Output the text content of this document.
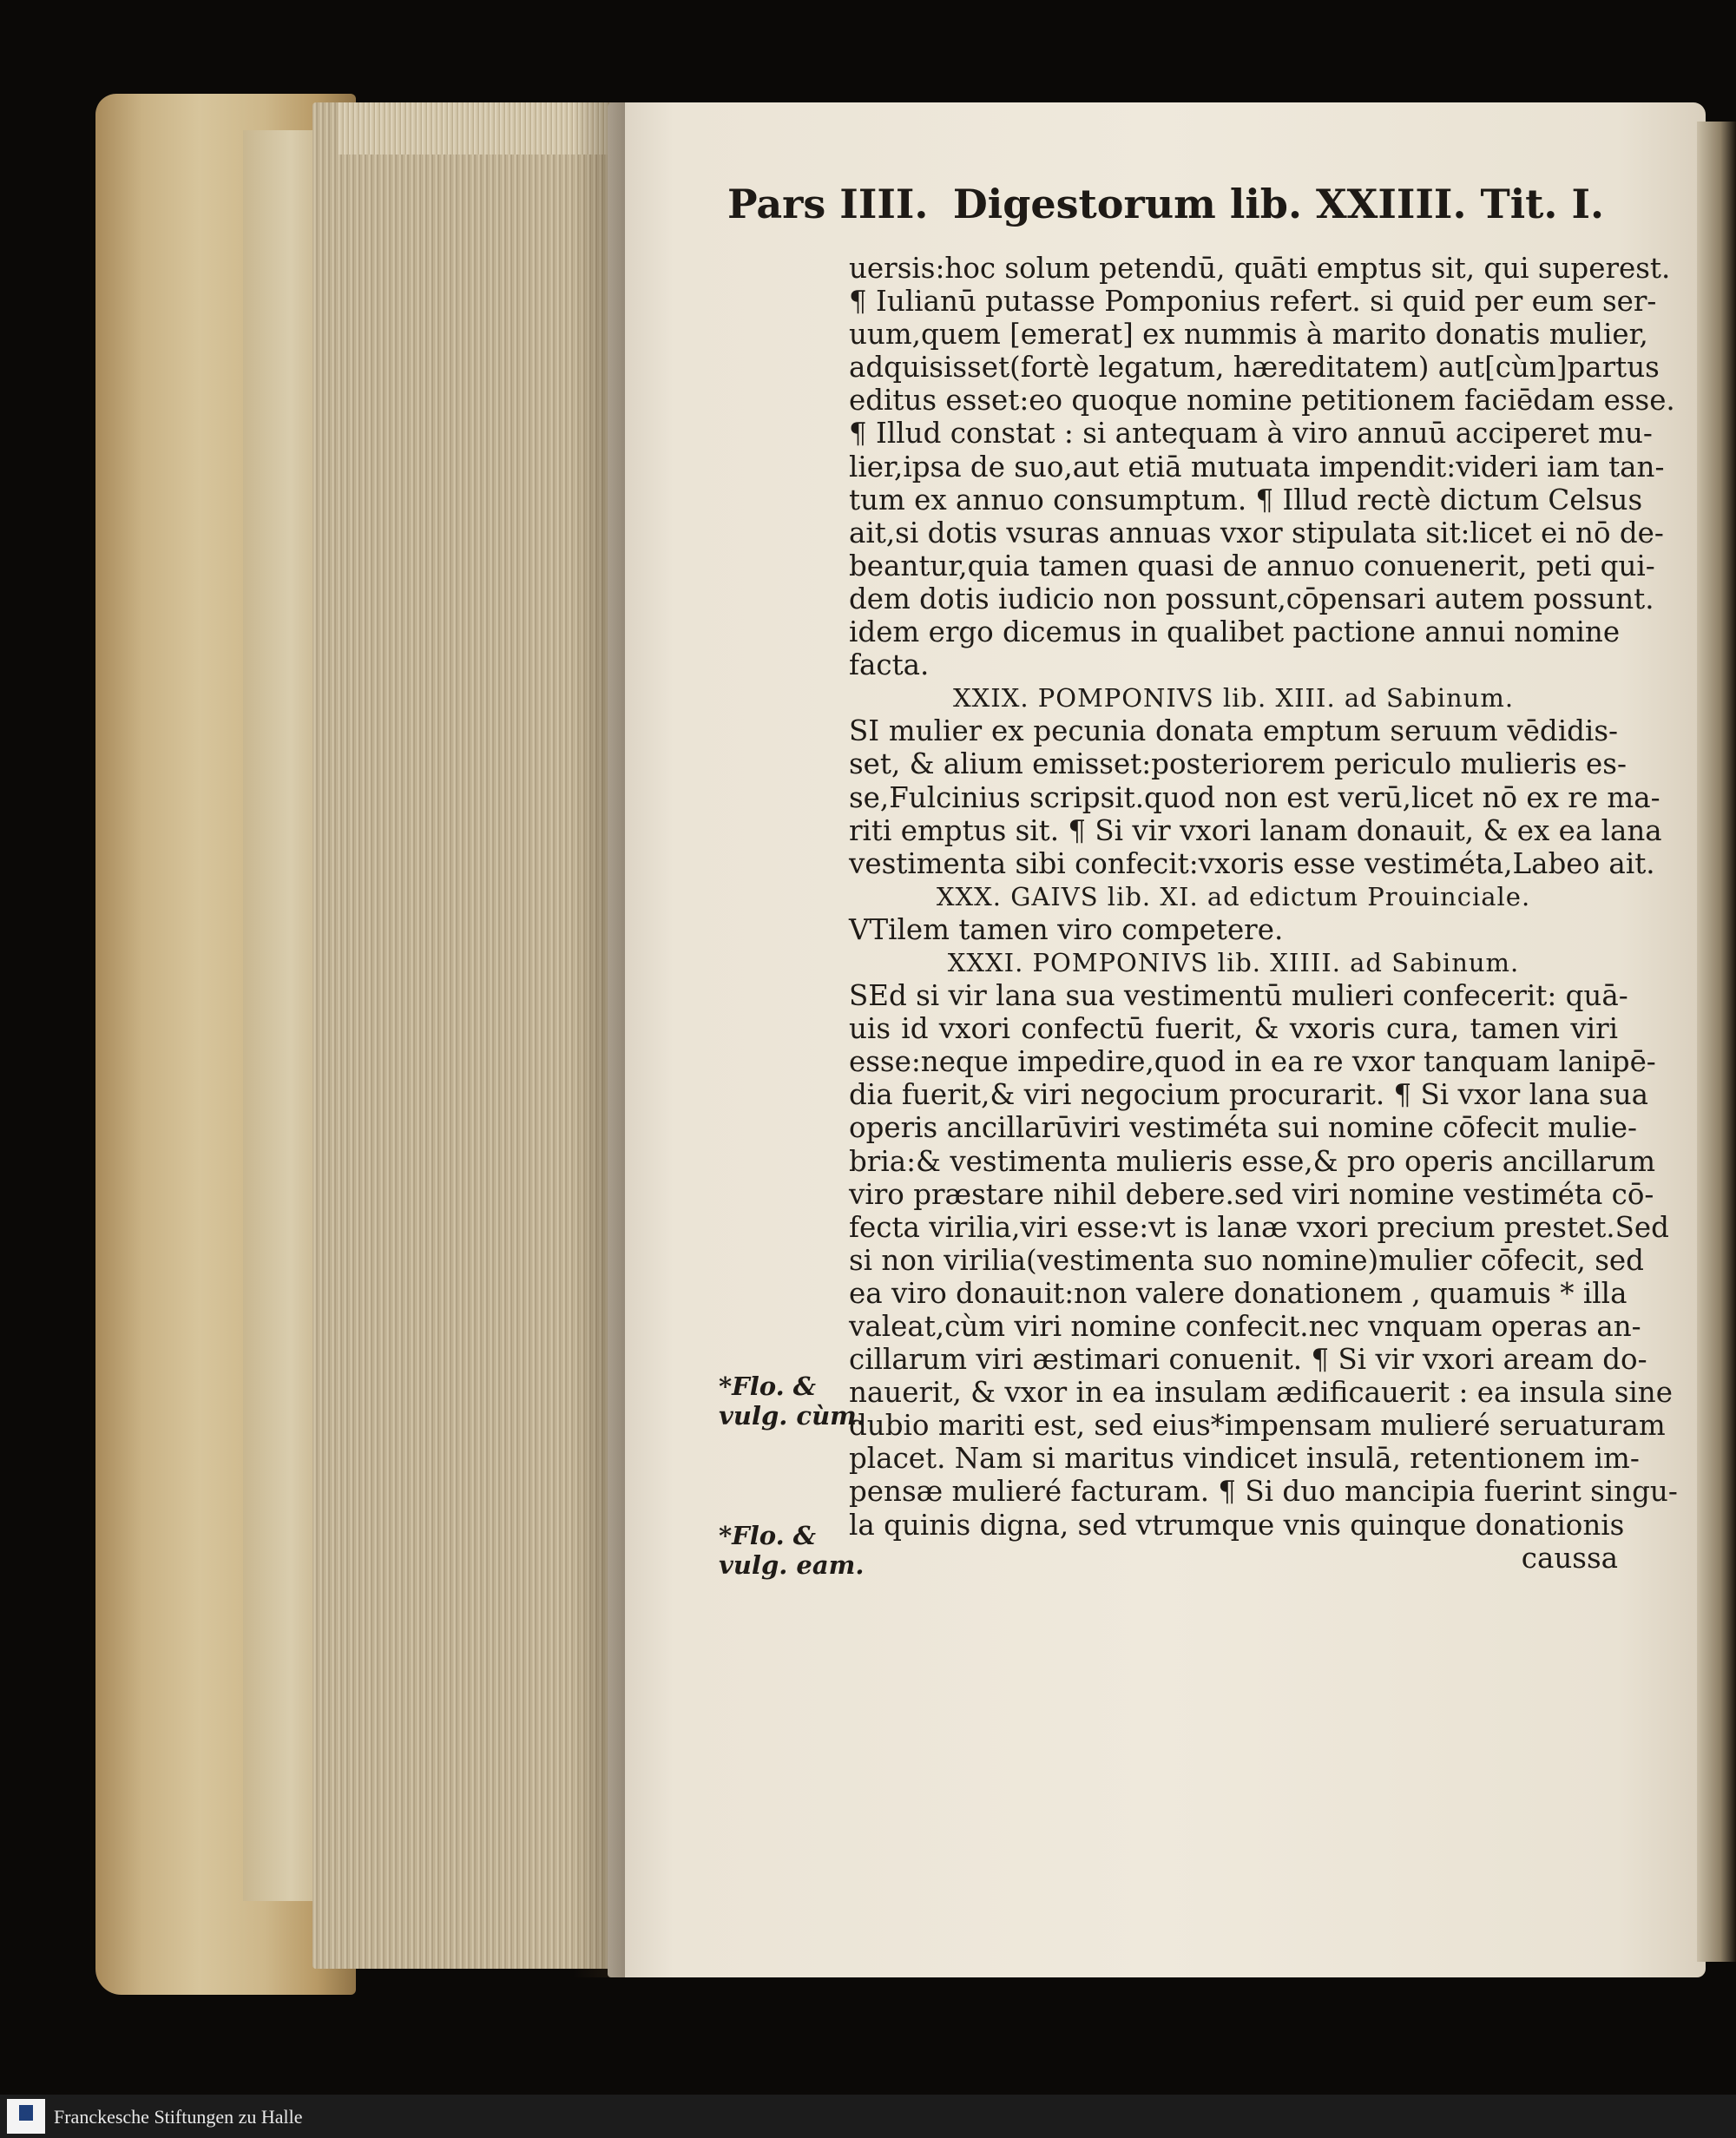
Pars IIII. Digestorum lib. XXIIII. Tit. I.
uersis:hoc solum petendū, quāti emptus sit, qui superest.
¶ Iulianū putasse Pomponius refert. si quid per eum ser-
uum,quem [emerat] ex nummis à marito donatis mulier,
adquisisset(fortè legatum, hæreditatem) aut[cùm]partus
editus esset:eo quoque nomine petitionem faciēdam esse.
¶ Illud constat : si antequam à viro annuū acciperet mu-
lier,ipsa de suo,aut etiā mutuata impendit:videri iam tan-
tum ex annuo consumptum. ¶ Illud rectè dictum Celsus
ait,si dotis vsuras annuas vxor stipulata sit:licet ei nō de-
beantur,quia tamen quasi de annuo conuenerit, peti qui-
dem dotis iudicio non possunt,cōpensari autem possunt.
idem ergo dicemus in qualibet pactione annui nomine
facta.
XXIX. POMPONIVS lib. XIII. ad Sabinum.
SI mulier ex pecunia donata emptum seruum vēdidis-
set, & alium emisset:posteriorem periculo mulieris es-
se,Fulcinius scripsit.quod non est verū,licet nō ex re ma-
riti emptus sit. ¶ Si vir vxori lanam donauit, & ex ea lana
vestimenta sibi confecit:vxoris esse vestiméta,Labeo ait.
XXX. GAIVS lib. XI. ad edictum Prouinciale.
VTilem tamen viro competere.
XXXI. POMPONIVS lib. XIIII. ad Sabinum.
SEd si vir lana sua vestimentū mulieri confecerit: quā-
uis id vxori confectū fuerit, & vxoris cura, tamen viri
esse:neque impedire,quod in ea re vxor tanquam lanipē-
dia fuerit,& viri negocium procurarit. ¶ Si vxor lana sua
operis ancillarūviri vestiméta sui nomine cōfecit mulie-
bria:& vestimenta mulieris esse,& pro operis ancillarum
viro præstare nihil debere.sed viri nomine vestiméta cō-
fecta virilia,viri esse:vt is lanæ vxori precium prestet.Sed
si non virilia(vestimenta suo nomine)mulier cōfecit, sed
ea viro donauit:non valere donationem , quamuis * illa
valeat,cùm viri nomine confecit.nec vnquam operas an-
cillarum viri æstimari conuenit. ¶ Si vir vxori aream do-
nauerit, & vxor in ea insulam ædificauerit : ea insula sine
dubio mariti est, sed eius*impensam mulieré seruaturam
placet. Nam si maritus vindicet insulā, retentionem im-
pensæ mulieré facturam. ¶ Si duo mancipia fuerint singu-
la quinis digna, sed vtrumque vnis quinque donationis
caussa
*Flo. &
vulg. cùm.
*Flo. &
vulg. eam.
Franckesche Stiftungen zu Halle
